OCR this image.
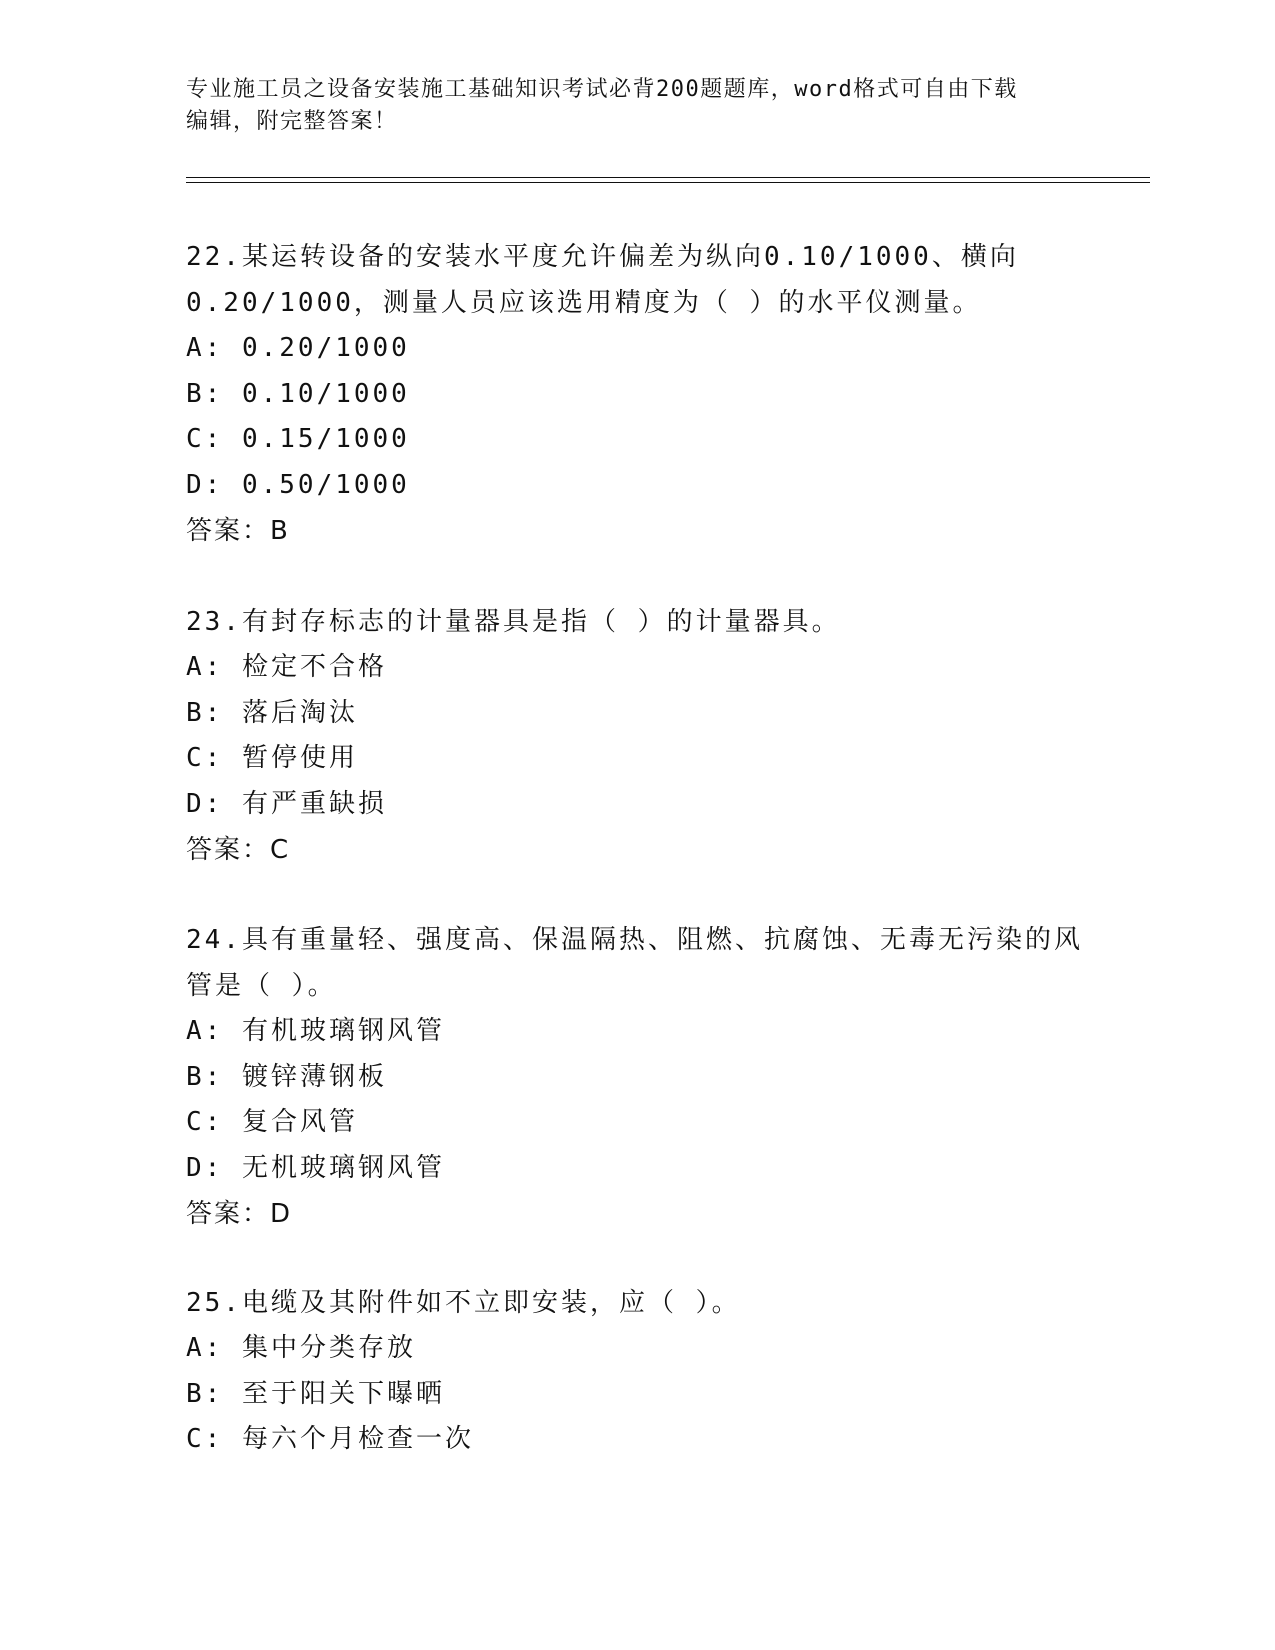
专业施工员之设备安装施工基础知识考试必背200题题库，word格式可自由下载
编辑，附完整答案！
22.某运转设备的安装水平度允许偏差为纵向0.10/1000、横向
0.20/1000，测量人员应该选用精度为（ ）的水平仪测量。
A: 0.20/1000
B: 0.10/1000
C: 0.15/1000
D: 0.50/1000
答案：B
23.有封存标志的计量器具是指（ ）的计量器具。
A: 检定不合格
B: 落后淘汰
C: 暂停使用
D: 有严重缺损
答案：C
24.具有重量轻、强度高、保温隔热、阻燃、抗腐蚀、无毒无污染的风
管是（ ）。
A: 有机玻璃钢风管
B: 镀锌薄钢板
C: 复合风管
D: 无机玻璃钢风管
答案：D
25.电缆及其附件如不立即安装，应（ ）。
A: 集中分类存放
B: 至于阳关下曝晒
C: 每六个月检查一次
